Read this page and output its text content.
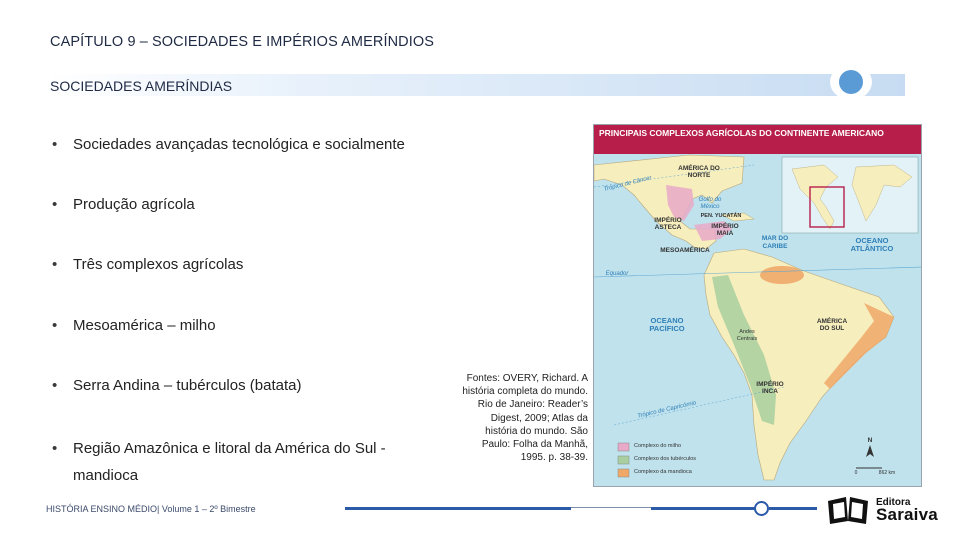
CAPÍTULO 9 – SOCIEDADES E IMPÉRIOS AMERÍNDIOS
SOCIEDADES AMERÍNDIAS
• Sociedades avançadas tecnológica e socialmente
• Produção agrícola
• Três complexos agrícolas
• Mesoamérica – milho
• Serra Andina – tubérculos (batata)
• Região Amazônica e litoral da América do Sul - mandioca
Fontes: OVERY, Richard. A história completa do mundo. Rio de Janeiro: Reader’s Digest, 2009; Atlas da história do mundo. São Paulo: Folha da Manhã, 1995. p. 38-39.
PRINCIPAIS COMPLEXOS AGRÍCOLAS DO CONTINENTE AMERICANO
AMÉRICA DO NORTE
Golfo do México
Trópico de Câncer
IMPÉRIO ASTECA
PEN. YUCATÁN
IMPÉRIO MAIA
MAR DO CARIBE
MESOAMÉRICA
OCEANO ATLÂNTICO
Equador
OCEANO PACÍFICO	Andes Centrais
AMÉRICA DO SUL
IMPÉRIO INCA
Trópico de Capricórnio
Complexo do milho
Complexo dos tubérculos
Complexo da mandioca
N
0	862 km
HISTÓRIA ENSINO MÉDIO| Volume 1 – 2º Bimestre
Editora
Saraiva
